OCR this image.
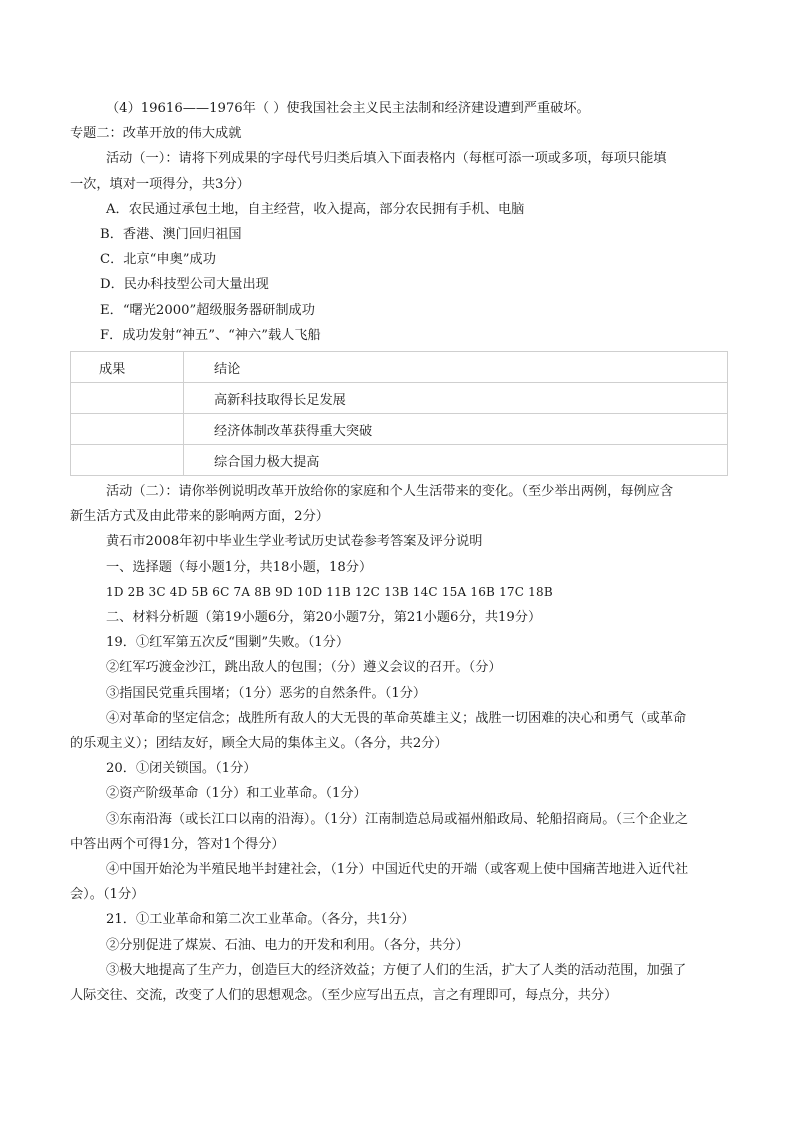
（4）19616——1976年（ ）使我国社会主义民主法制和经济建设遭到严重破坏。

专题二：改革开放的伟大成就

活动（一）：请将下列成果的字母代号归类后填入下面表格内（每框可添一项或多项，每项只能填

一次，填对一项得分，共3分）

A．农民通过承包土地，自主经营，收入提高，部分农民拥有手机、电脑

B．香港、澳门回归祖国

C．北京“申奥”成功

D．民办科技型公司大量出现

E．“曙光2000”超级服务器研制成功

F．成功发射“神五”、“神六”载人飞船

成果	结论
	高新科技取得长足发展
	经济体制改革获得重大突破
	综合国力极大提高

活动（二）：请你举例说明改革开放给你的家庭和个人生活带来的变化。（至少举出两例，每例应含

新生活方式及由此带来的影响两方面，2分）

黄石市2008年初中毕业生学业考试历史试卷参考答案及评分说明

一、选择题（每小题1分，共18小题，18分）

1D 2B 3C 4D 5B 6C 7A 8B 9D 10D 11B 12C 13B 14C 15A 16B 17C 18B

二、材料分析题（第19小题6分，第20小题7分，第21小题6分，共19分）

19．①红军第五次反“围剿”失败。（1分）

②红军巧渡金沙江，跳出敌人的包围；（分）遵义会议的召开。（分）

③指国民党重兵围堵；（1分）恶劣的自然条件。（1分）

④对革命的坚定信念；战胜所有敌人的大无畏的革命英雄主义；战胜一切困难的决心和勇气（或革命

的乐观主义）；团结友好，顾全大局的集体主义。（各分，共2分）

20．①闭关锁国。（1分）

②资产阶级革命（1分）和工业革命。（1分）

③东南沿海（或长江口以南的沿海）。（1分）江南制造总局或福州船政局、轮船招商局。（三个企业之

中答出两个可得1分，答对1个得分）

④中国开始沦为半殖民地半封建社会，（1分）中国近代史的开端（或客观上使中国痛苦地进入近代社

会）。（1分）

21．①工业革命和第二次工业革命。（各分，共1分）

②分别促进了煤炭、石油、电力的开发和利用。（各分，共分）

③极大地提高了生产力，创造巨大的经济效益；方便了人们的生活，扩大了人类的活动范围，加强了

人际交往、交流，改变了人们的思想观念。（至少应写出五点，言之有理即可，每点分，共分）
